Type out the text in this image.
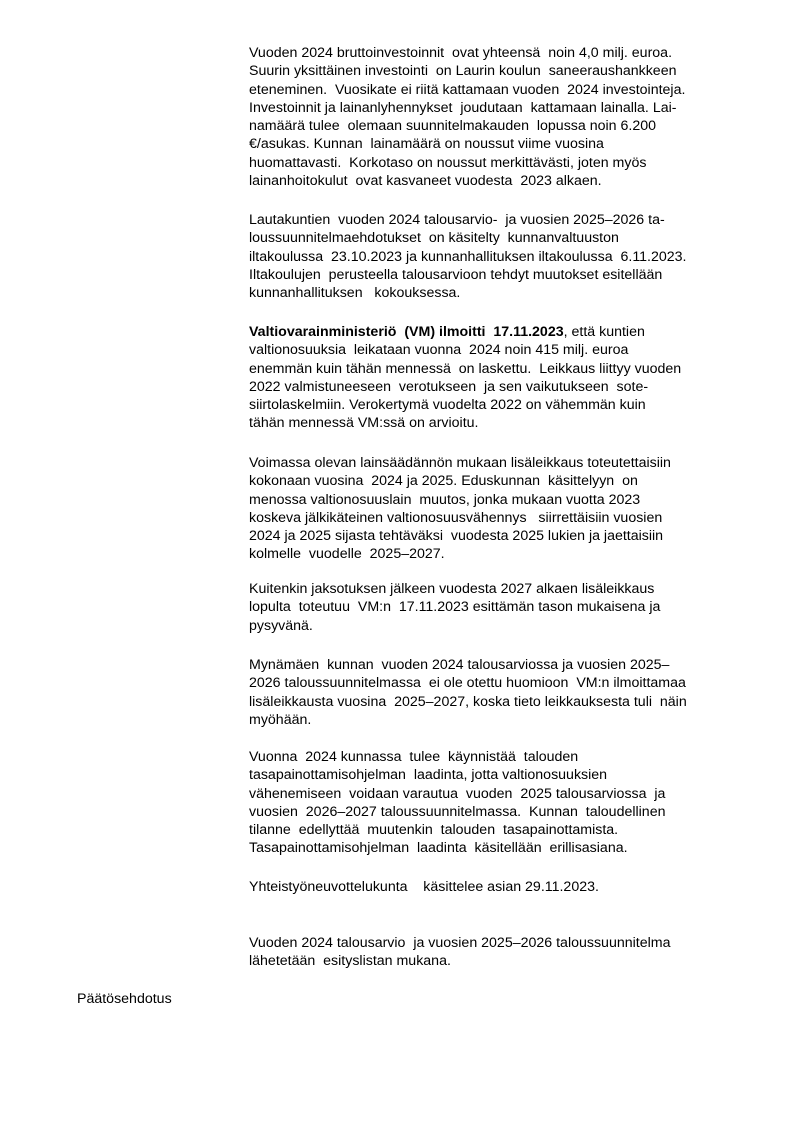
Vuoden 2024 bruttoinvestoinnit  ovat yhteensä  noin 4,0 milj. euroa.
Suurin yksittäinen investointi  on Laurin koulun  saneeraushankkeen
eteneminen.  Vuosikate ei riitä kattamaan vuoden  2024 investointeja.
Investoinnit ja lainanlyhennykset  joudutaan  kattamaan lainalla. Lai-
namäärä tulee  olemaan suunnitelmakauden  lopussa noin 6.200
€/asukas. Kunnan  lainamäärä on noussut viime vuosina
huomattavasti.  Korkotaso on noussut merkittävästi, joten myös
lainanhoitokulut  ovat kasvaneet vuodesta  2023 alkaen.
Lautakuntien  vuoden 2024 talousarvio-  ja vuosien 2025–2026 ta-
loussuunnitelmaehdotukset  on käsitelty  kunnanvaltuuston
iltakoulussa  23.10.2023 ja kunnanhallituksen iltakoulussa  6.11.2023.
Iltakoulujen  perusteella talousarvioon tehdyt muutokset esitellään
kunnanhallituksen   kokouksessa.
Valtiovarainministeriö  (VM) ilmoitti  17.11.2023, että kuntien
valtionosuuksia  leikataan vuonna  2024 noin 415 milj. euroa
enemmän kuin tähän mennessä  on laskettu.  Leikkaus liittyy vuoden
2022 valmistuneeseen  verotukseen  ja sen vaikutukseen  sote-
siirtolaskelmiin. Verokertymä vuodelta 2022 on vähemmän kuin
tähän mennessä VM:ssä on arvioitu.
Voimassa olevan lainsäädännön mukaan lisäleikkaus toteutettaisiin
kokonaan vuosina  2024 ja 2025. Eduskunnan  käsittelyyn  on
menossa valtionosuuslain  muutos, jonka mukaan vuotta 2023
koskeva jälkikäteinen valtionosuusvähennys   siirrettäisiin vuosien
2024 ja 2025 sijasta tehtäväksi  vuodesta 2025 lukien ja jaettaisiin
kolmelle  vuodelle  2025–2027.
Kuitenkin jaksotuksen jälkeen vuodesta 2027 alkaen lisäleikkaus
lopulta  toteutuu  VM:n  17.11.2023 esittämän tason mukaisena ja
pysyvänä.
Mynämäen  kunnan  vuoden 2024 talousarviossa ja vuosien 2025–
2026 taloussuunnitelmassa  ei ole otettu huomioon  VM:n ilmoittamaa
lisäleikkausta vuosina  2025–2027, koska tieto leikkauksesta tuli  näin
myöhään.
Vuonna  2024 kunnassa  tulee  käynnistää  talouden
tasapainottamisohjelman  laadinta, jotta valtionosuuksien
vähenemiseen  voidaan varautua  vuoden  2025 talousarviossa  ja
vuosien  2026–2027 taloussuunnitelmassa.  Kunnan  taloudellinen
tilanne  edellyttää  muutenkin  talouden  tasapainottamista.
Tasapainottamisohjelman  laadinta  käsitellään  erillisasiana.
Yhteistyöneuvottelukunta    käsittelee asian 29.11.2023.
Vuoden 2024 talousarvio  ja vuosien 2025–2026 taloussuunnitelma
lähetetään  esityslistan mukana.
Päätösehdotus
